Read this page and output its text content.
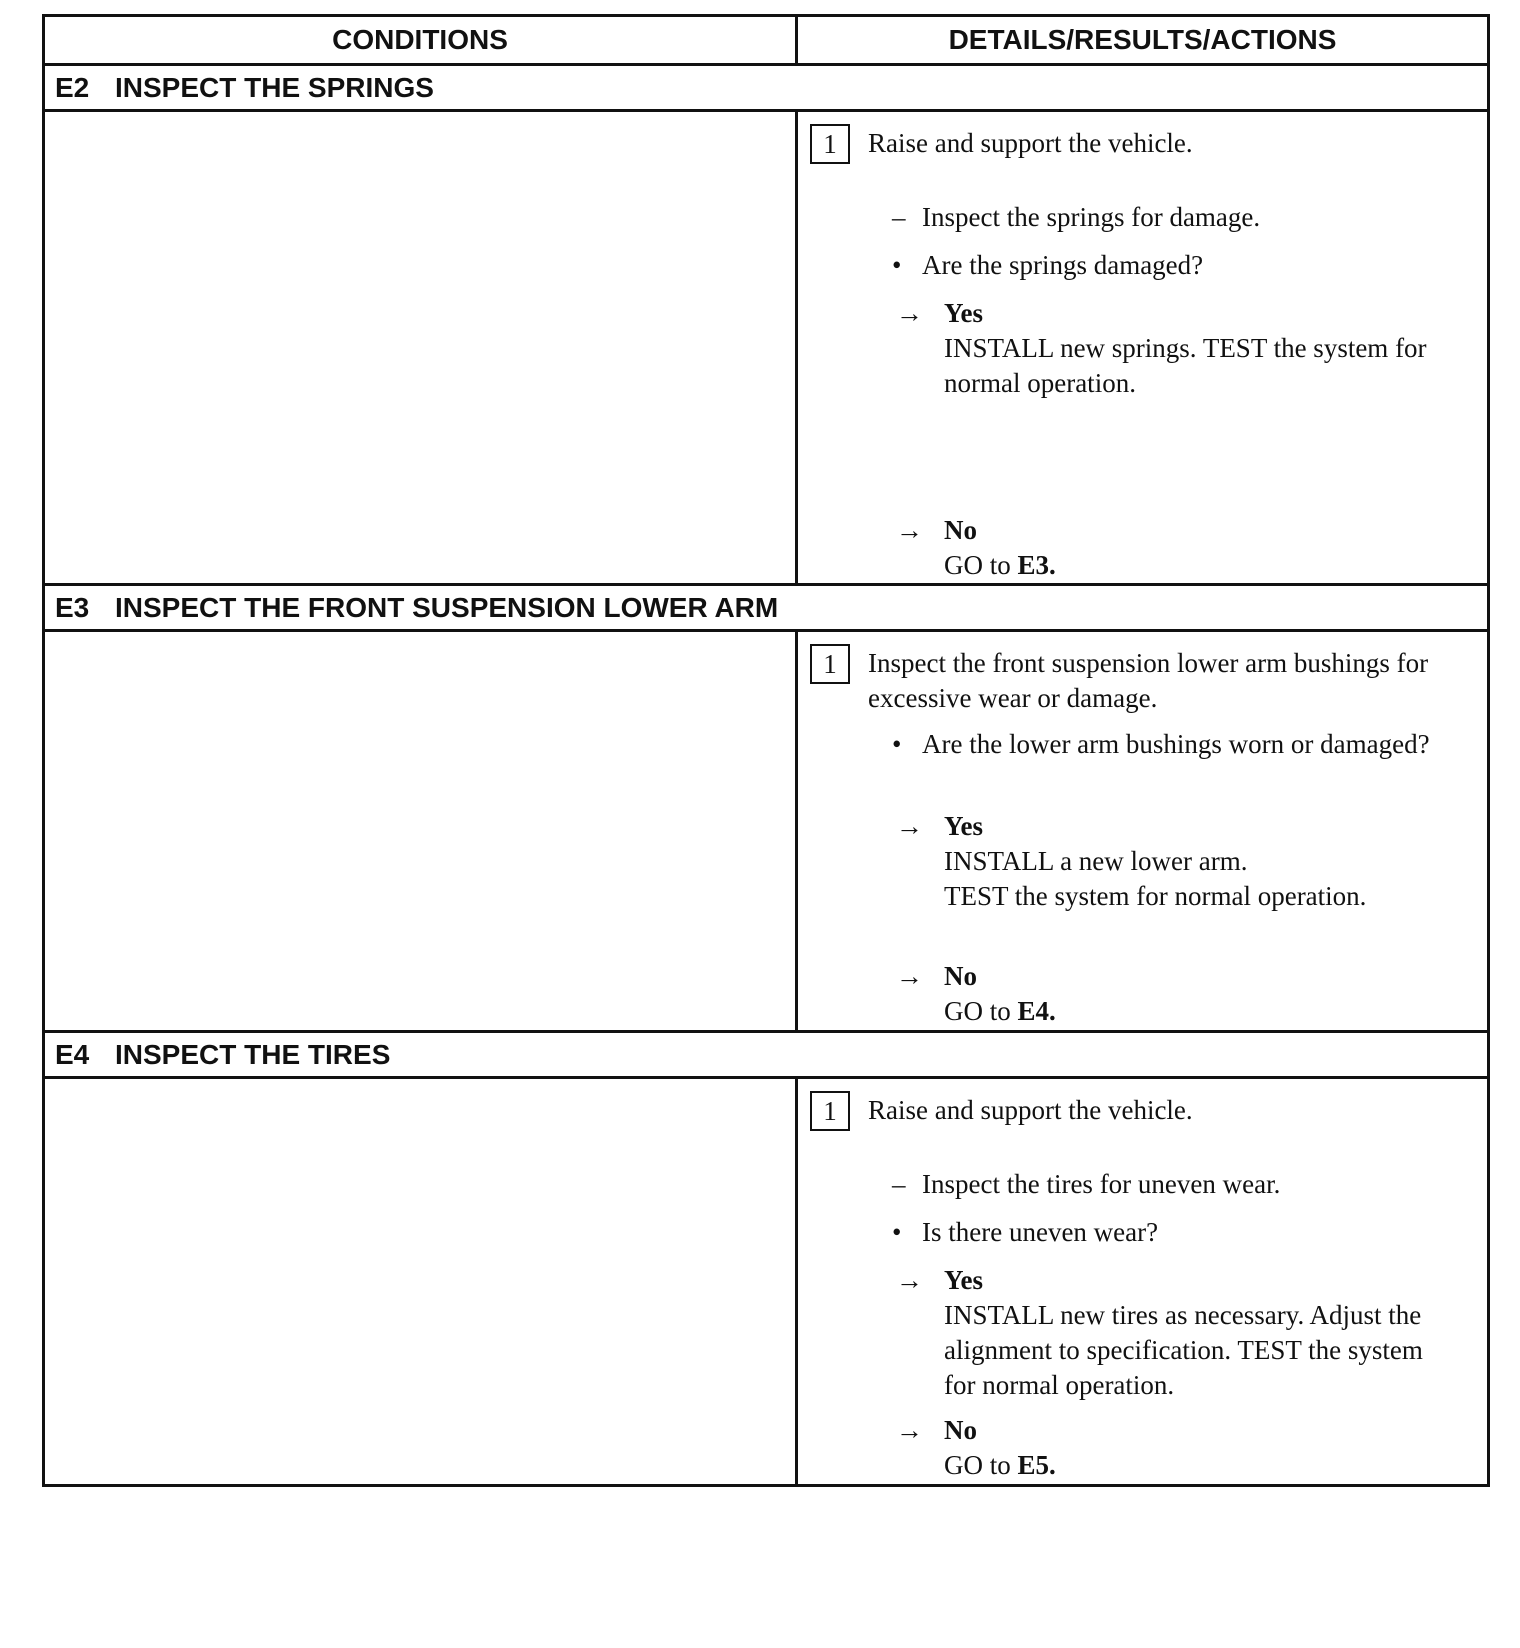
CONDITIONS	DETAILS/RESULTS/ACTIONS
E2 INSPECT THE SPRINGS
1	Raise and support the vehicle.
– Inspect the springs for damage.
• Are the springs damaged?
→ Yes
INSTALL new springs. TEST the system for normal operation.
→ No
GO to E3.
E3 INSPECT THE FRONT SUSPENSION LOWER ARM
1	Inspect the front suspension lower arm bushings for excessive wear or damage.
• Are the lower arm bushings worn or damaged?
→ Yes
INSTALL a new lower arm.
TEST the system for normal operation.
→ No
GO to E4.
E4 INSPECT THE TIRES
1	Raise and support the vehicle.
– Inspect the tires for uneven wear.
• Is there uneven wear?
→ Yes
INSTALL new tires as necessary. Adjust the alignment to specification. TEST the system for normal operation.
→ No
GO to E5.
